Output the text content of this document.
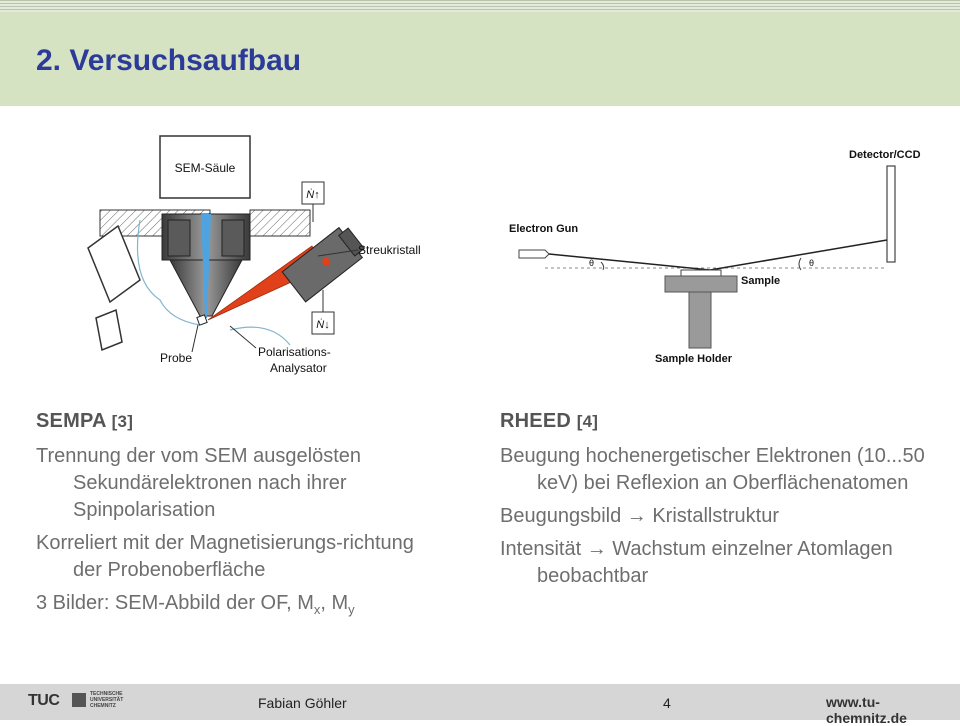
2. Versuchsaufbau
SEM-Säule
Ṅ↑
Ṅ↓
Streukristall
Probe	Polarisations-
Analysator
Detector/CCD
Electron Gun
θ	θ
Sample
Sample Holder
SEMPA [3]
Trennung der vom SEM ausgelösten Sekundärelektronen nach ihrer Spinpolarisation
Korreliert mit der Magnetisierungs-richtung der Probenoberfläche
3 Bilder: SEM-Abbild der OF, $M_x$, $M_y$
RHEED [4]
Beugung hochenergetischer Elektronen (10...50 keV) bei Reflexion an Oberflächenatomen
Beugungsbild → Kristallstruktur
Intensität → Wachstum einzelner Atomlagen beobachtbar
TUC	TECHNISCHE
UNIVERSITÄT
CHEMNITZ	Fabian Göhler	4	www.tu-chemnitz.de
